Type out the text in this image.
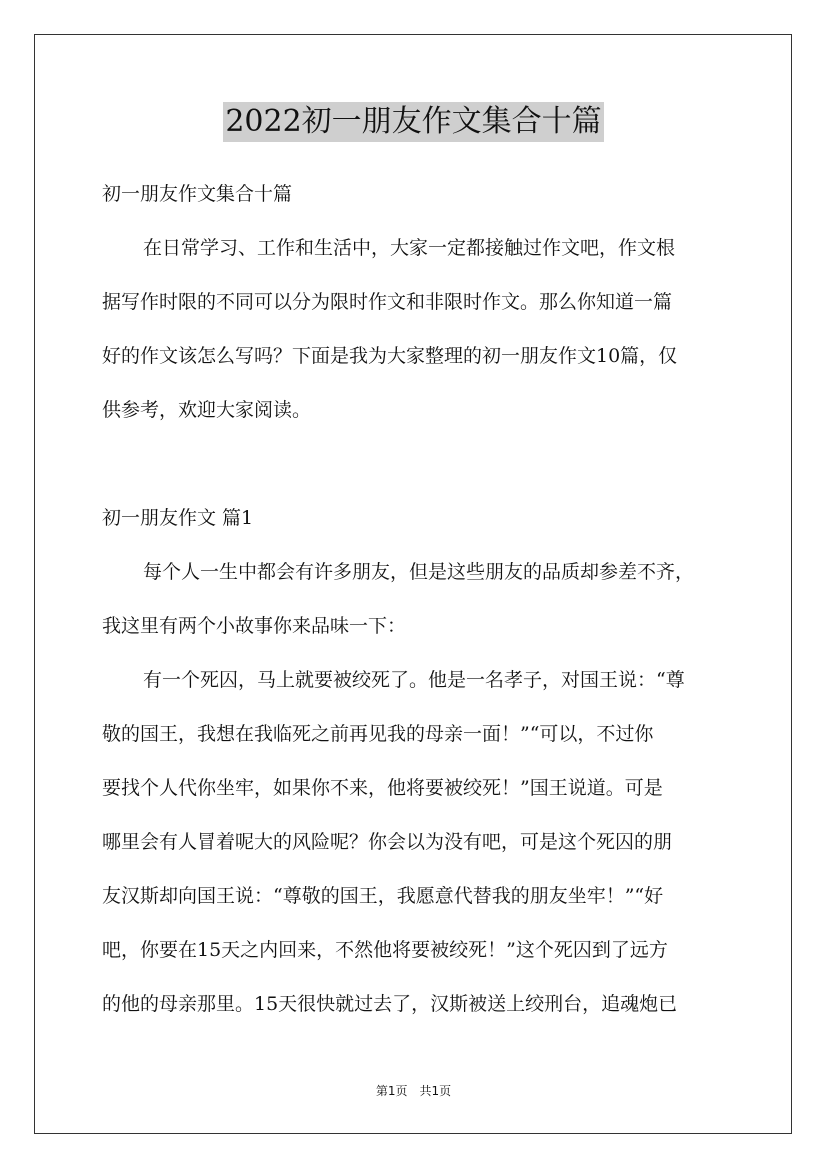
2022初一朋友作文集合十篇
初一朋友作文集合十篇
在日常学习、工作和生活中，大家一定都接触过作文吧，作文根
据写作时限的不同可以分为限时作文和非限时作文。那么你知道一篇
好的作文该怎么写吗？下面是我为大家整理的初一朋友作文10篇，仅
供参考，欢迎大家阅读。
初一朋友作文 篇1
每个人一生中都会有许多朋友，但是这些朋友的品质却参差不齐，
我这里有两个小故事你来品味一下：
有一个死囚，马上就要被绞死了。他是一名孝子，对国王说：“尊
敬的国王，我想在我临死之前再见我的母亲一面！”“可以，不过你
要找个人代你坐牢，如果你不来，他将要被绞死！”国王说道。可是
哪里会有人冒着呢大的风险呢？你会以为没有吧，可是这个死囚的朋
友汉斯却向国王说：“尊敬的国王，我愿意代替我的朋友坐牢！”“好
吧，你要在15天之内回来，不然他将要被绞死！”这个死囚到了远方
的他的母亲那里。15天很快就过去了，汉斯被送上绞刑台，追魂炮已
第1页　共1页
